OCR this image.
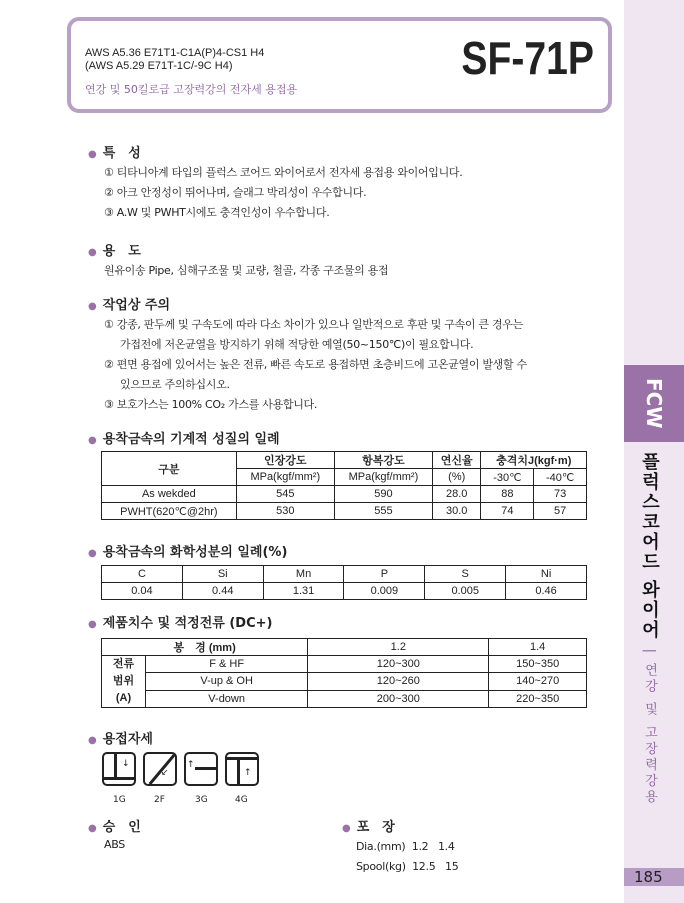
FCW
플럭스코어드 와이어 | 연강 및 고장력강용
185
AWS A5.36 E71T1-C1A(P)4-CS1 H4
(AWS A5.29 E71T-1C/-9C H4)
연강 및 50킬로급 고장력강의 전자세 용접용
SF-71P
● 특　성
① 티타니아계 타입의 플럭스 코어드 와이어로서 전자세 용접용 와이어입니다.
② 아크 안정성이 뛰어나며, 슬래그 박리성이 우수합니다.
③ A.W 및 PWHT시에도 충격인성이 우수합니다.
● 용　도
원유이송 Pipe, 심해구조물 및 교량, 철골, 각종 구조물의 용접
● 작업상 주의
① 강종, 판두께 및 구속도에 따라 다소 차이가 있으나 일반적으로 후판 및 구속이 큰 경우는
가접전에 저온균열을 방지하기 위해 적당한 예열(50~150℃)이 필요합니다.
② 편면 용접에 있어서는 높은 전류, 빠른 속도로 용접하면 초층비드에 고온균열이 발생할 수
있으므로 주의하십시오.
③ 보호가스는 100% CO₂ 가스를 사용합니다.
● 용착금속의 기계적 성질의 일례
구분	인장강도	항복강도	연신율	충격치J(kgf·m)	
	MPa(kgf/mm²)	MPa(kgf/mm²)	(%)	-30℃	-40℃
As wekded	545	590	28.0	88	73
PWHT(620℃@2hr)	530	555	30.0	74	57
● 용착금속의 화학성분의 일례(%)
C	Si	Mn	P	S	Ni
0.04	0.44	1.31	0.009	0.005	0.46
● 제품치수 및 적정전류 (DC+)
봉　경 (mm)		1.2	1.4
전류
범위
(A)	F & HF	120~300	150~350
	V-up & OH	120~260	140~270
	V-down	200~300	220~350
● 용접자세
↓
↙
↑
↑
1G	2F	3G	4G
● 승　인
ABS
● 포　장
Dia.(mm)  1.2   1.4
Spool(kg)  12.5   15
